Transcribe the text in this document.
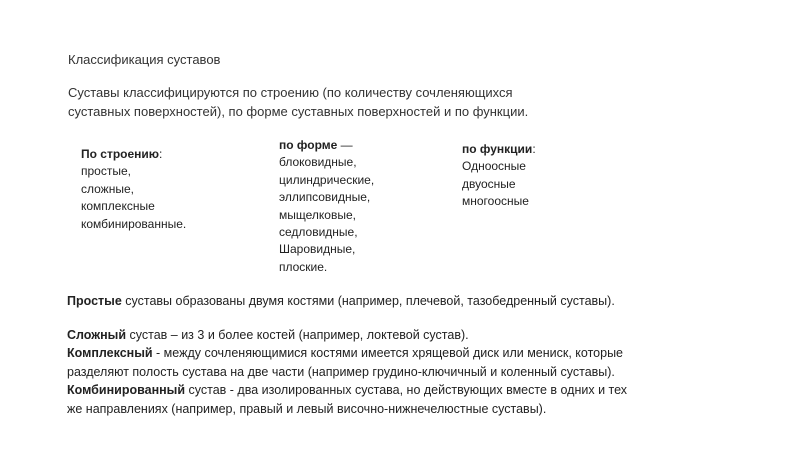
Классификация суставов
Суставы классифицируются по строению (по количеству сочленяющихся
суставных поверхностей), по форме суставных поверхностей и по функции.
По строению:
простые,
сложные,
комплексные
комбинированные.
по форме —
блоковидные,
цилиндрические,
эллипсовидные,
мыщелковые,
седловидные,
Шаровидные,
плоские.
по функции:
Одноосные
двуосные
многоосные
Простые суставы образованы двумя костями (например, плечевой, тазобедренный суставы).
Сложный сустав – из 3 и более костей (например, локтевой сустав).
Комплексный - между сочленяющимися костями имеется хрящевой диск или мениск, которые
разделяют полость сустава на две части (например грудино-ключичный и коленный суставы).
Комбинированный сустав - два изолированных сустава, но действующих вместе в одних и тех
же направлениях (например, правый и левый височно-нижнечелюстные суставы).
